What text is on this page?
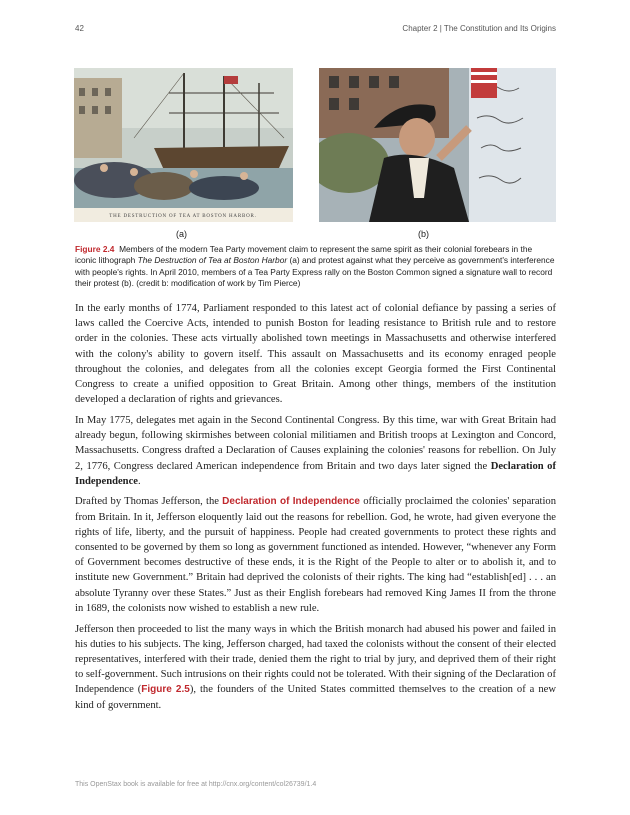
42	Chapter 2 | The Constitution and Its Origins
THE DESTRUCTION OF TEA AT BOSTON HARBOR.
(a)	(b)
Figure 2.4 Members of the modern Tea Party movement claim to represent the same spirit as their colonial forebears in the iconic lithograph The Destruction of Tea at Boston Harbor (a) and protest against what they perceive as government's interference with people's rights. In April 2010, members of a Tea Party Express rally on the Boston Common signed a signature wall to record their protest (b). (credit b: modification of work by Tim Pierce)

In the early months of 1774, Parliament responded to this latest act of colonial defiance by passing a series of laws called the Coercive Acts, intended to punish Boston for leading resistance to British rule and to restore order in the colonies. These acts virtually abolished town meetings in Massachusetts and otherwise interfered with the colony's ability to govern itself. This assault on Massachusetts and its economy enraged people throughout the colonies, and delegates from all the colonies except Georgia formed the First Continental Congress to create a unified opposition to Great Britain. Among other things, members of the institution developed a declaration of rights and grievances.

In May 1775, delegates met again in the Second Continental Congress. By this time, war with Great Britain had already begun, following skirmishes between colonial militiamen and British troops at Lexington and Concord, Massachusetts. Congress drafted a Declaration of Causes explaining the colonies' reasons for rebellion. On July 2, 1776, Congress declared American independence from Britain and two days later signed the Declaration of Independence.

Drafted by Thomas Jefferson, the Declaration of Independence officially proclaimed the colonies' separation from Britain. In it, Jefferson eloquently laid out the reasons for rebellion. God, he wrote, had given everyone the rights of life, liberty, and the pursuit of happiness. People had created governments to protect these rights and consented to be governed by them so long as government functioned as intended. However, “whenever any Form of Government becomes destructive of these ends, it is the Right of the People to alter or to abolish it, and to institute new Government.” Britain had deprived the colonists of their rights. The king had “establish[ed] . . . an absolute Tyranny over these States.” Just as their English forebears had removed King James II from the throne in 1689, the colonists now wished to establish a new rule.

Jefferson then proceeded to list the many ways in which the British monarch had abused his power and failed in his duties to his subjects. The king, Jefferson charged, had taxed the colonists without the consent of their elected representatives, interfered with their trade, denied them the right to trial by jury, and deprived them of their right to self-government. Such intrusions on their rights could not be tolerated. With their signing of the Declaration of Independence (Figure 2.5), the founders of the United States committed themselves to the creation of a new kind of government.

This OpenStax book is available for free at http://cnx.org/content/col26739/1.4
